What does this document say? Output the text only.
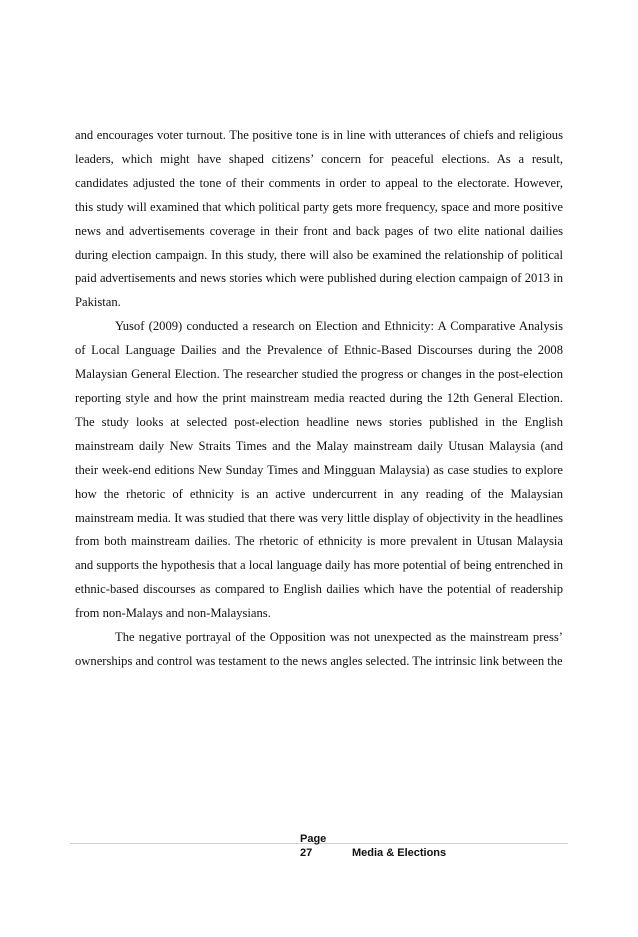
and encourages voter turnout. The positive tone is in line with utterances of chiefs and religious leaders, which might have shaped citizens’ concern for peaceful elections. As a result, candidates adjusted the tone of their comments in order to appeal to the electorate. However, this study will examined that which political party gets more frequency, space and more positive news and advertisements coverage in their front and back pages of two elite national dailies during election campaign. In this study, there will also be examined the relationship of political paid advertisements and news stories which were published during election campaign of 2013 in Pakistan.

Yusof (2009) conducted a research on Election and Ethnicity: A Comparative Analysis of Local Language Dailies and the Prevalence of Ethnic-Based Discourses during the 2008 Malaysian General Election. The researcher studied the progress or changes in the post-election reporting style and how the print mainstream media reacted during the 12th General Election. The study looks at selected post-election headline news stories published in the English mainstream daily New Straits Times and the Malay mainstream daily Utusan Malaysia (and their week-end editions New Sunday Times and Mingguan Malaysia) as case studies to explore how the rhetoric of ethnicity is an active undercurrent in any reading of the Malaysian mainstream media. It was studied that there was very little display of objectivity in the headlines from both mainstream dailies. The rhetoric of ethnicity is more prevalent in Utusan Malaysia and supports the hypothesis that a local language daily has more potential of being entrenched in ethnic-based discourses as compared to English dailies which have the potential of readership from non-Malays and non-Malaysians.

The negative portrayal of the Opposition was not unexpected as the mainstream press’ ownerships and control was testament to the news angles selected. The intrinsic link between the

Page
27	Media & Elections
